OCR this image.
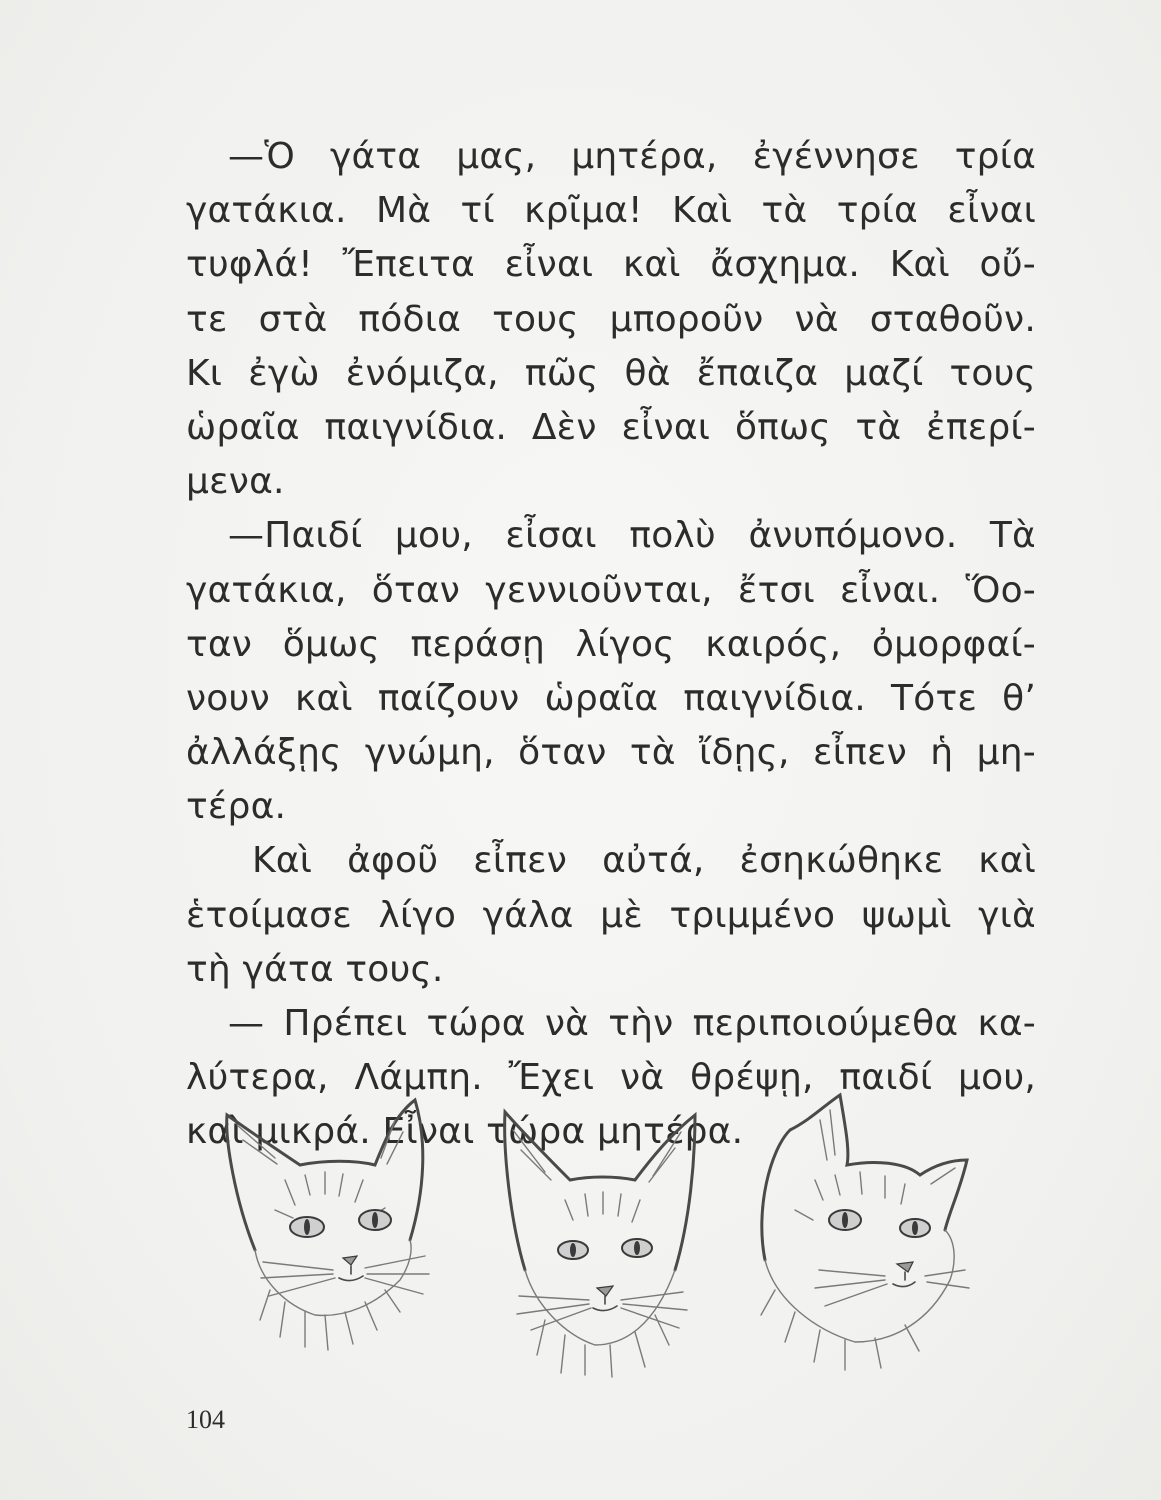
—Ὁ γάτα μας, μητέρα, ἐγέννησε τρία
γατάκια. Μὰ τί κρῖμα! Καὶ τὰ τρία εἶναι
τυφλά! Ἔπειτα εἶναι καὶ ἄσχημα. Καὶ οὔ-
τε στὰ πόδια τους μποροῦν νὰ σταθοῦν.
Κι ἐγὼ ἐνόμιζα, πῶς θὰ ἔπαιζα μαζί τους
ὡραῖα παιγνίδια. Δὲν εἶναι ὅπως τὰ ἐπερί-
μενα.
—Παιδί μου, εἶσαι πολὺ ἀνυπόμονο. Τὰ
γατάκια, ὅταν γεννιοῦνται, ἔτσι εἶναι. Ὅο-
ταν ὅμως περάσῃ λίγος καιρός, ὀμορφαί-
νουν καὶ παίζουν ὡραῖα παιγνίδια. Τότε θ’
ἀλλάξῃς γνώμη, ὅταν τὰ ἴδῃς, εἶπεν ἡ μη-
τέρα.
Καὶ ἀφοῦ εἶπεν αὐτά, ἐσηκώθηκε καὶ
ἑτοίμασε λίγο γάλα μὲ τριμμένο ψωμὶ γιὰ
τὴ γάτα τους.
— Πρέπει τώρα νὰ τὴν περιποιούμεθα κα-
λύτερα, Λάμπη. Ἔχει νὰ θρέψῃ, παιδί μου,
καὶ μικρά. Εἶναι τώρα μητέρα.
104
